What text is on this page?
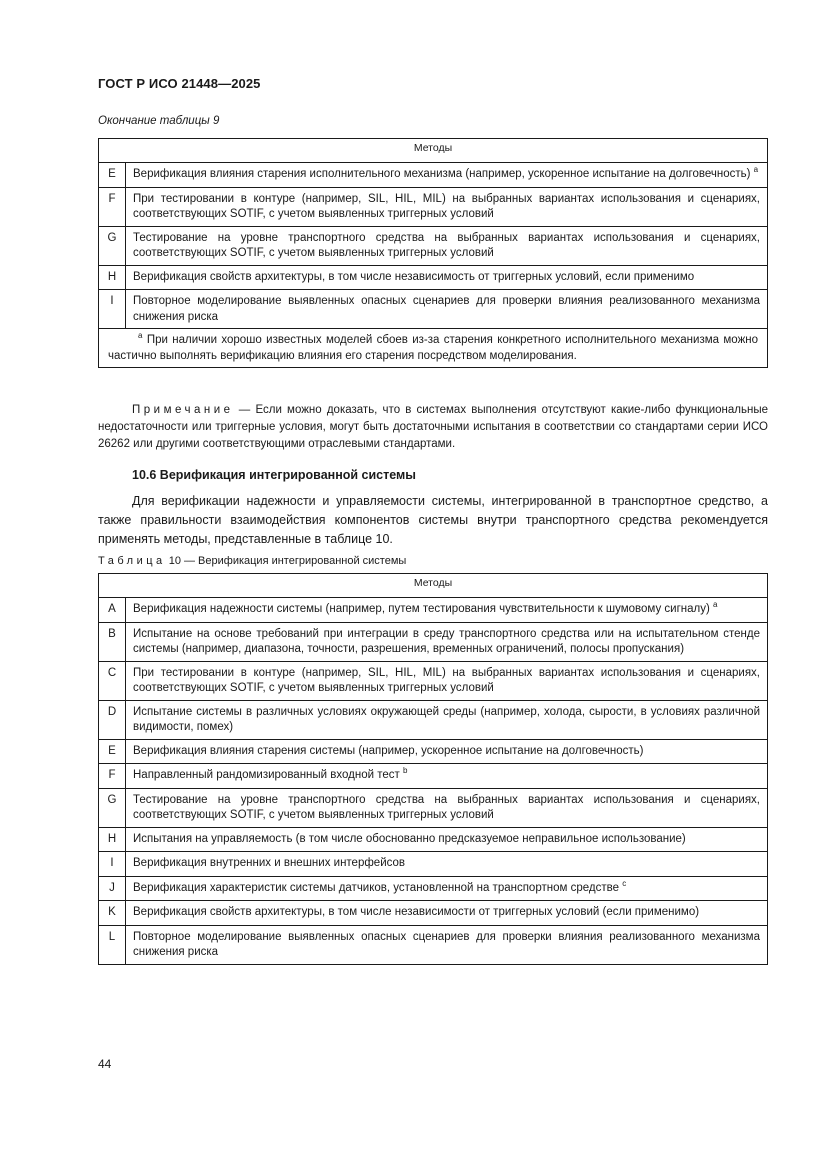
ГОСТ Р ИСО 21448—2025
Окончание таблицы 9
Методы	
E	Верификация влияния старения исполнительного механизма (например, ускоренное испытание на долговечность) $^а$
F	При тестировании в контуре (например, SIL, HIL, MIL) на выбранных вариантах использования и сценариях, соответствующих SOTIF, с учетом выявленных триггерных условий
G	Тестирование на уровне транспортного средства на выбранных вариантах использования и сценариях, соответствующих SOTIF, с учетом выявленных триггерных условий
H	Верификация свойств архитектуры, в том числе независимость от триггерных условий, если применимо
I	Повторное моделирование выявленных опасных сценариев для проверки влияния реализованного механизма снижения риска
$^а$ При наличии хорошо известных моделей сбоев из-за старения конкретного исполнительного механизма можно частично выполнять верификацию влияния его старения посредством моделирования.	
Примечание — Если можно доказать, что в системах выполнения отсутствуют какие-либо функциональные недостаточности или триггерные условия, могут быть достаточными испытания в соответствии со стандартами серии ИСО 26262 или другими соответствующими отраслевыми стандартами.
10.6 Верификация интегрированной системы
Для верификации надежности и управляемости системы, интегрированной в транспортное средство, а также правильности взаимодействия компонентов системы внутри транспортного средства рекомендуется применять методы, представленные в таблице 10.
Таблица 10 — Верификация интегрированной системы
Методы	
A	Верификация надежности системы (например, путем тестирования чувствительности к шумовому сигналу) $^а$
B	Испытание на основе требований при интеграции в среду транспортного средства или на испытательном стенде системы (например, диапазона, точности, разрешения, временных ограничений, полосы пропускания)
C	При тестировании в контуре (например, SIL, HIL, MIL) на выбранных вариантах использования и сценариях, соответствующих SOTIF, с учетом выявленных триггерных условий
D	Испытание системы в различных условиях окружающей среды (например, холода, сырости, в условиях различной видимости, помех)
E	Верификация влияния старения системы (например, ускоренное испытание на долговечность)
F	Направленный рандомизированный входной тест $^b$
G	Тестирование на уровне транспортного средства на выбранных вариантах использования и сценариях, соответствующих SOTIF, с учетом выявленных триггерных условий
H	Испытания на управляемость (в том числе обоснованно предсказуемое неправильное использование)
I	Верификация внутренних и внешних интерфейсов
J	Верификация характеристик системы датчиков, установленной на транспортном средстве $^c$
K	Верификация свойств архитектуры, в том числе независимости от триггерных условий (если применимо)
L	Повторное моделирование выявленных опасных сценариев для проверки влияния реализованного механизма снижения риска
44
